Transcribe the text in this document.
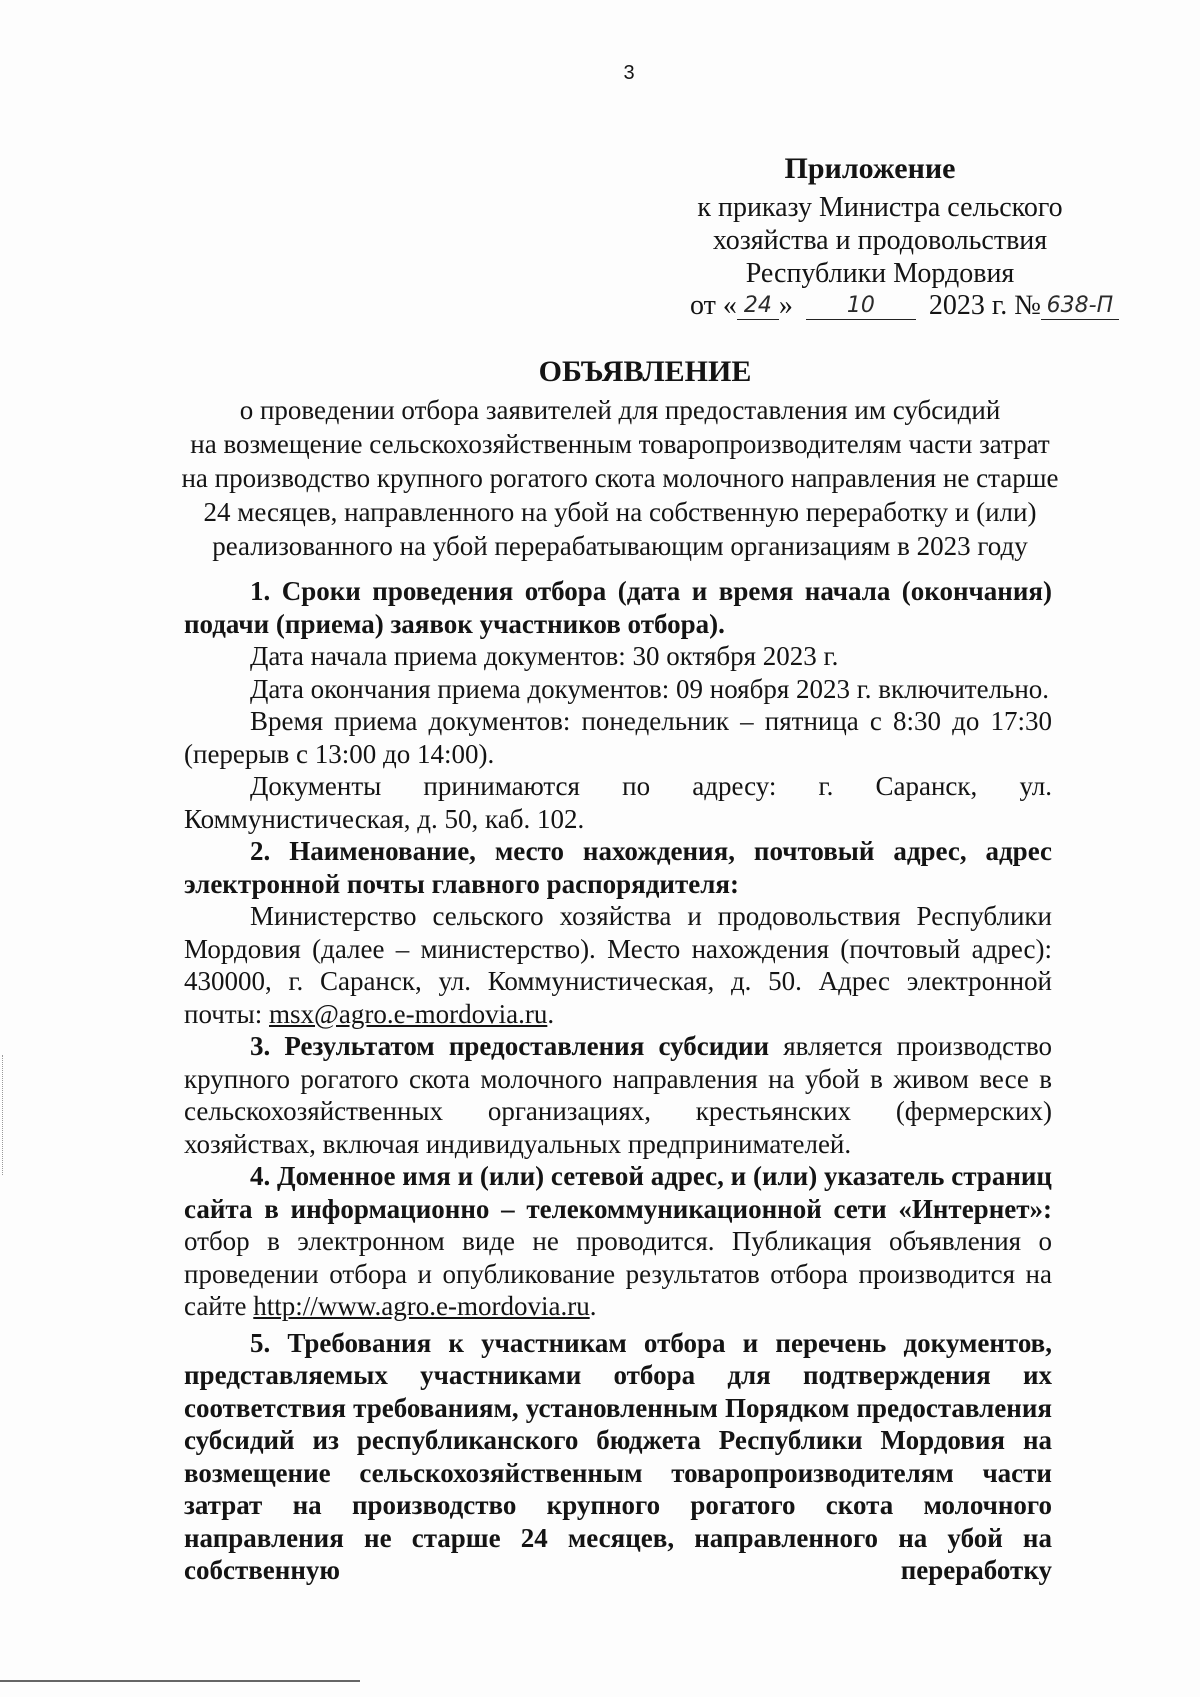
3
Приложение
к приказу Министра сельского
хозяйства и продовольствия
Республики Мордовия
от « 24 » 10 2023 г. № 638-П
ОБЪЯВЛЕНИЕ
о проведении отбора заявителей для предоставления им субсидий
на возмещение сельскохозяйственным товаропроизводителям части затрат
на производство крупного рогатого скота молочного направления не старше
24 месяцев, направленного на убой на собственную переработку и (или)
реализованного на убой перерабатывающим организациям в 2023 году

1. Сроки проведения отбора (дата и время начала (окончания) подачи (приема) заявок участников отбора).

Дата начала приема документов: 30 октября 2023 г.

Дата окончания приема документов: 09 ноября 2023 г. включительно.

Время приема документов: понедельник – пятница с 8:30 до 17:30 (перерыв с 13:00 до 14:00).

Документы принимаются по адресу: г. Саранск, ул. Коммунистическая, д. 50, каб. 102.

2. Наименование, место нахождения, почтовый адрес, адрес электронной почты главного распорядителя:

Министерство сельского хозяйства и продовольствия Республики Мордовия (далее – министерство). Место нахождения (почтовый адрес): 430000, г. Саранск, ул. Коммунистическая, д. 50. Адрес электронной почты: msx@agro.e-mordovia.ru.

3. Результатом предоставления субсидии является производство крупного рогатого скота молочного направления на убой в живом весе в сельскохозяйственных организациях, крестьянских (фермерских) хозяйствах, включая индивидуальных предпринимателей.

4. Доменное имя и (или) сетевой адрес, и (или) указатель страниц сайта в информационно – телекоммуникационной сети «Интернет»: отбор в электронном виде не проводится. Публикация объявления о проведении отбора и опубликование результатов отбора производится на сайте http://www.agro.e-mordovia.ru.

5. Требования к участникам отбора и перечень документов, представляемых участниками отбора для подтверждения их соответствия требованиям, установленным Порядком предоставления субсидий из республиканского бюджета Республики Мордовия на возмещение сельскохозяйственным товаропроизводителям части затрат на производство крупного рогатого скота молочного направления не старше 24 месяцев, направленного на убой на собственную переработку
